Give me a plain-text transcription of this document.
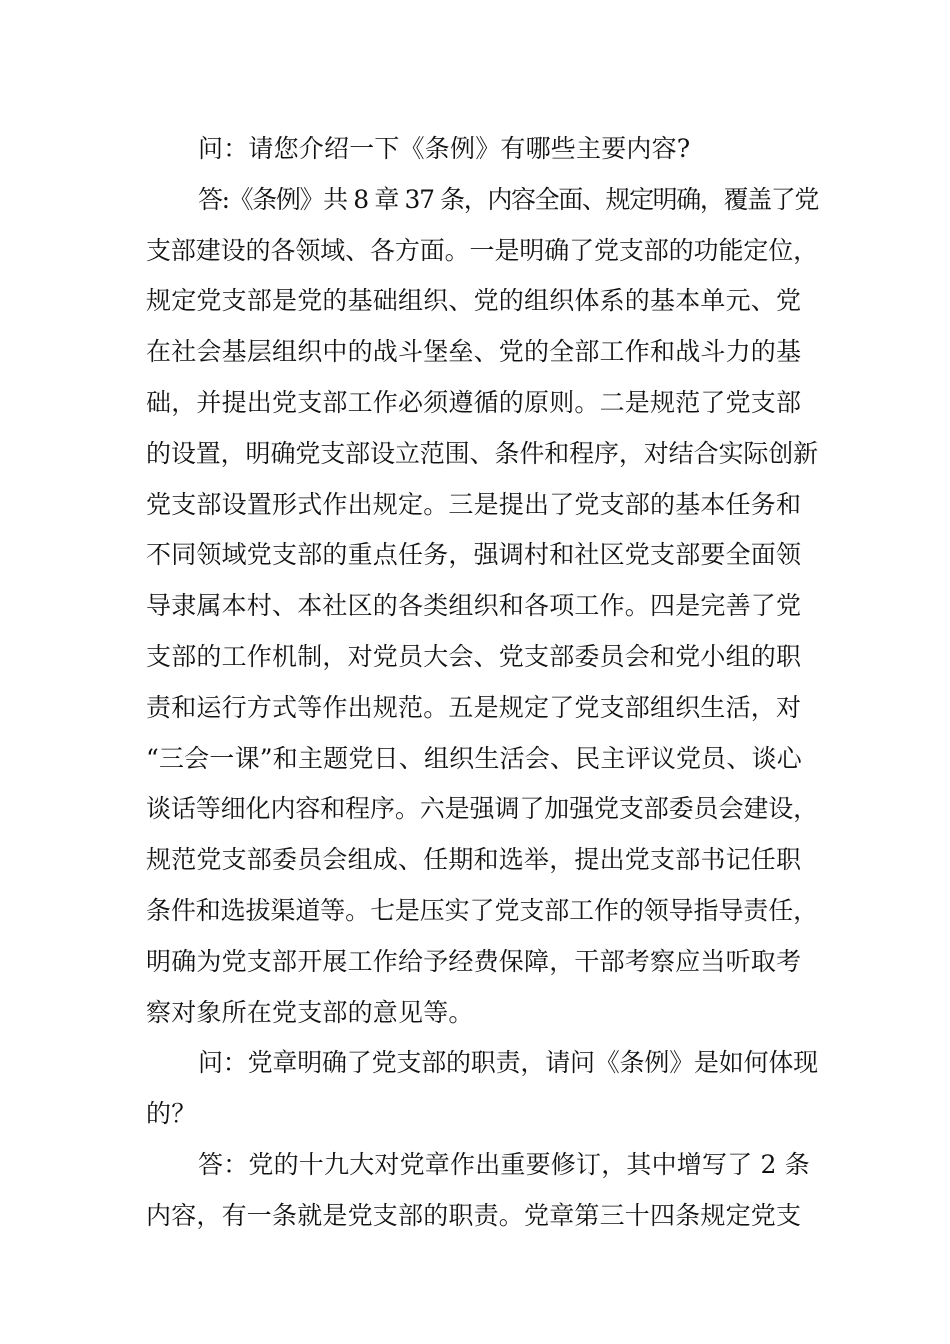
问：请您介绍一下《条例》有哪些主要内容?
答:《条例》共 8 章 37 条，内容全面、规定明确，覆盖了党
支部建设的各领域、各方面。一是明确了党支部的功能定位，
规定党支部是党的基础组织、党的组织体系的基本单元、党
在社会基层组织中的战斗堡垒、党的全部工作和战斗力的基
础，并提出党支部工作必须遵循的原则。二是规范了党支部
的设置，明确党支部设立范围、条件和程序，对结合实际创新
党支部设置形式作出规定。三是提出了党支部的基本任务和
不同领域党支部的重点任务，强调村和社区党支部要全面领
导隶属本村、本社区的各类组织和各项工作。四是完善了党
支部的工作机制，对党员大会、党支部委员会和党小组的职
责和运行方式等作出规范。五是规定了党支部组织生活，对
“三会一课”和主题党日、组织生活会、民主评议党员、谈心
谈话等细化内容和程序。六是强调了加强党支部委员会建设，
规范党支部委员会组成、任期和选举，提出党支部书记任职
条件和选拔渠道等。七是压实了党支部工作的领导指导责任，
明确为党支部开展工作给予经费保障，干部考察应当听取考
察对象所在党支部的意见等。
问：党章明确了党支部的职责，请问《条例》是如何体现
的？
答：党的十九大对党章作出重要修订，其中增写了 2 条
内容，有一条就是党支部的职责。党章第三十四条规定党支
